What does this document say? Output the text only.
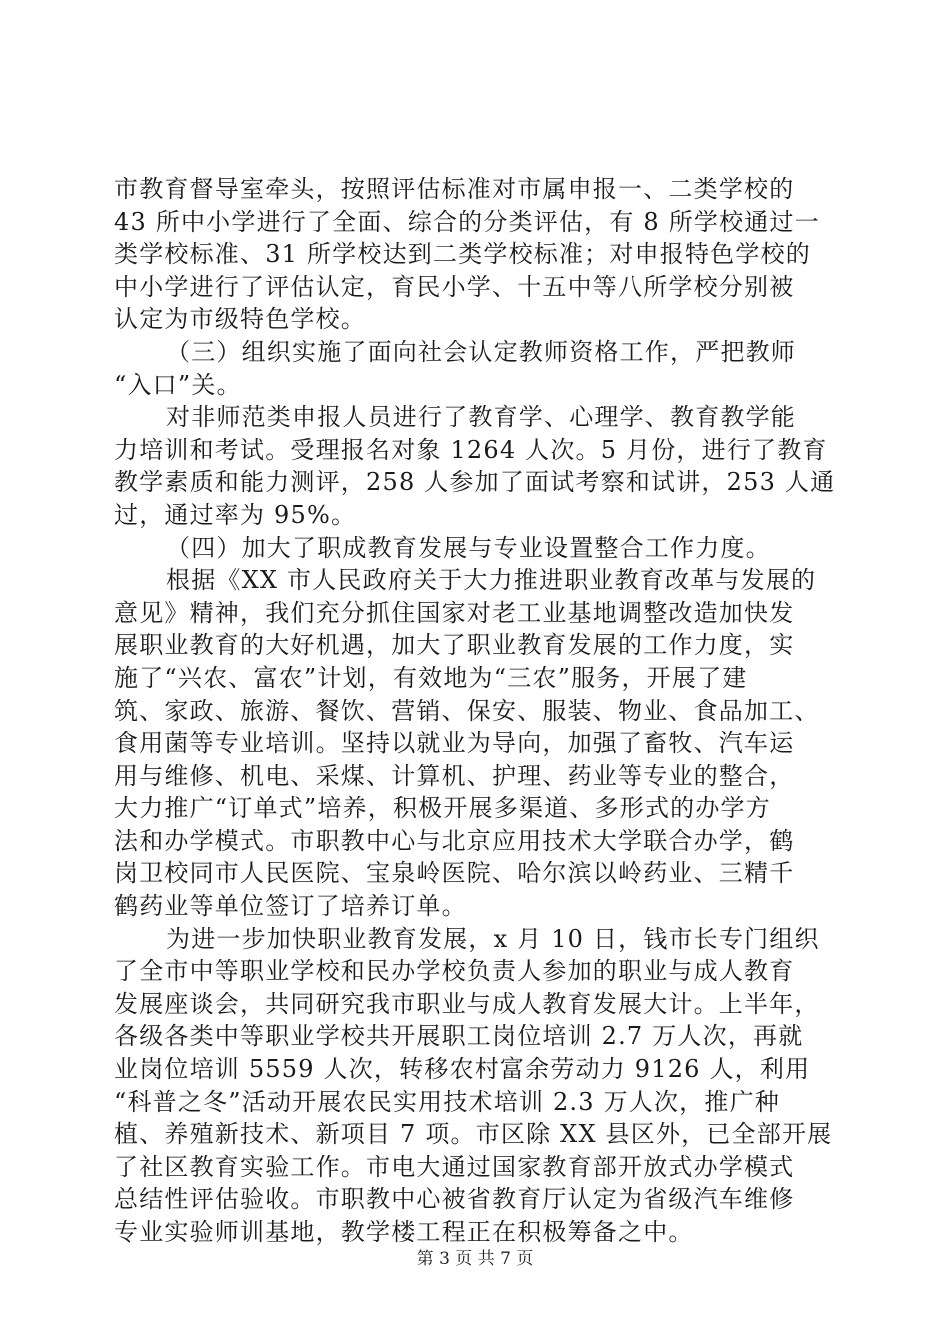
市教育督导室牵头，按照评估标准对市属申报一、二类学校的
43 所中小学进行了全面、综合的分类评估，有 8 所学校通过一
类学校标准、31 所学校达到二类学校标准；对申报特色学校的
中小学进行了评估认定，育民小学、十五中等八所学校分别被
认定为市级特色学校。
（三）组织实施了面向社会认定教师资格工作，严把教师
“入口”关。
对非师范类申报人员进行了教育学、心理学、教育教学能
力培训和考试。受理报名对象 1264 人次。5 月份，进行了教育
教学素质和能力测评，258 人参加了面试考察和试讲，253 人通
过，通过率为 95%。
（四）加大了职成教育发展与专业设置整合工作力度。
根据《XX 市人民政府关于大力推进职业教育改革与发展的
意见》精神，我们充分抓住国家对老工业基地调整改造加快发
展职业教育的大好机遇，加大了职业教育发展的工作力度，实
施了“兴农、富农”计划，有效地为“三农”服务，开展了建
筑、家政、旅游、餐饮、营销、保安、服装、物业、食品加工、
食用菌等专业培训。坚持以就业为导向，加强了畜牧、汽车运
用与维修、机电、采煤、计算机、护理、药业等专业的整合，
大力推广“订单式”培养，积极开展多渠道、多形式的办学方
法和办学模式。市职教中心与北京应用技术大学联合办学，鹤
岗卫校同市人民医院、宝泉岭医院、哈尔滨以岭药业、三精千
鹤药业等单位签订了培养订单。
为进一步加快职业教育发展，x 月 10 日，钱市长专门组织
了全市中等职业学校和民办学校负责人参加的职业与成人教育
发展座谈会，共同研究我市职业与成人教育发展大计。上半年，
各级各类中等职业学校共开展职工岗位培训 2.7 万人次，再就
业岗位培训 5559 人次，转移农村富余劳动力 9126 人，利用
“科普之冬”活动开展农民实用技术培训 2.3 万人次，推广种
植、养殖新技术、新项目 7 项。市区除 XX 县区外，已全部开展
了社区教育实验工作。市电大通过国家教育部开放式办学模式
总结性评估验收。市职教中心被省教育厅认定为省级汽车维修
专业实验师训基地，教学楼工程正在积极筹备之中。
第 3 页 共 7 页
